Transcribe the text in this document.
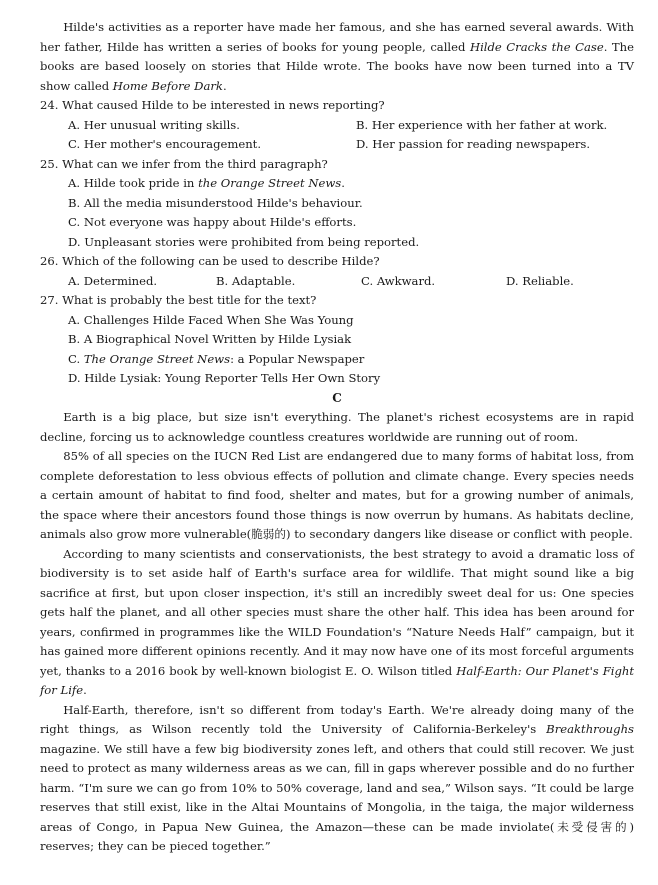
Hilde's activities as a reporter have made her famous, and she has earned several awards. With her father, Hilde has written a series of books for young people, called Hilde Cracks the Case. The books are based loosely on stories that Hilde wrote. The books have now been turned into a TV show called Home Before Dark.

24. What caused Hilde to be interested in news reporting?
A. Her unusual writing skills.	B. Her experience with her father at work.
C. Her mother's encouragement.	D. Her passion for reading newspapers.
25. What can we infer from the third paragraph?
A. Hilde took pride in the Orange Street News.
B. All the media misunderstood Hilde's behaviour.
C. Not everyone was happy about Hilde's efforts.
D. Unpleasant stories were prohibited from being reported.
26. Which of the following can be used to describe Hilde?
A. Determined.	B. Adaptable.	C. Awkward.	D. Reliable.
27. What is probably the best title for the text?
A. Challenges Hilde Faced When She Was Young
B. A Biographical Novel Written by Hilde Lysiak
C. The Orange Street News: a Popular Newspaper
D. Hilde Lysiak: Young Reporter Tells Her Own Story
C

Earth is a big place, but size isn't everything. The planet's richest ecosystems are in rapid decline, forcing us to acknowledge countless creatures worldwide are running out of room.

85% of all species on the IUCN Red List are endangered due to many forms of habitat loss, from complete deforestation to less obvious effects of pollution and climate change. Every species needs a certain amount of habitat to find food, shelter and mates, but for a growing number of animals, the space where their ancestors found those things is now overrun by humans. As habitats decline, animals also grow more vulnerable(脆弱的) to secondary dangers like disease or conflict with people.

According to many scientists and conservationists, the best strategy to avoid a dramatic loss of biodiversity is to set aside half of Earth's surface area for wildlife. That might sound like a big sacrifice at first, but upon closer inspection, it's still an incredibly sweet deal for us: One species gets half the planet, and all other species must share the other half. This idea has been around for years, confirmed in programmes like the WILD Foundation's “Nature Needs Half” campaign, but it has gained more different opinions recently. And it may now have one of its most forceful arguments yet, thanks to a 2016 book by well-known biologist E. O. Wilson titled Half-Earth: Our Planet's Fight for Life.

Half-Earth, therefore, isn't so different from today's Earth. We're already doing many of the right things, as Wilson recently told the University of California-Berkeley's Breakthroughs magazine. We still have a few big biodiversity zones left, and others that could still recover. We just need to protect as many wilderness areas as we can, fill in gaps wherever possible and do no further harm. “I'm sure we can go from 10% to 50% coverage, land and sea,” Wilson says. “It could be large reserves that still exist, like in the Altai Mountains of Mongolia, in the taiga, the major wilderness areas of Congo, in Papua New Guinea, the Amazon—these can be made inviolate(未受侵害的) reserves; they can be pieced together.”
